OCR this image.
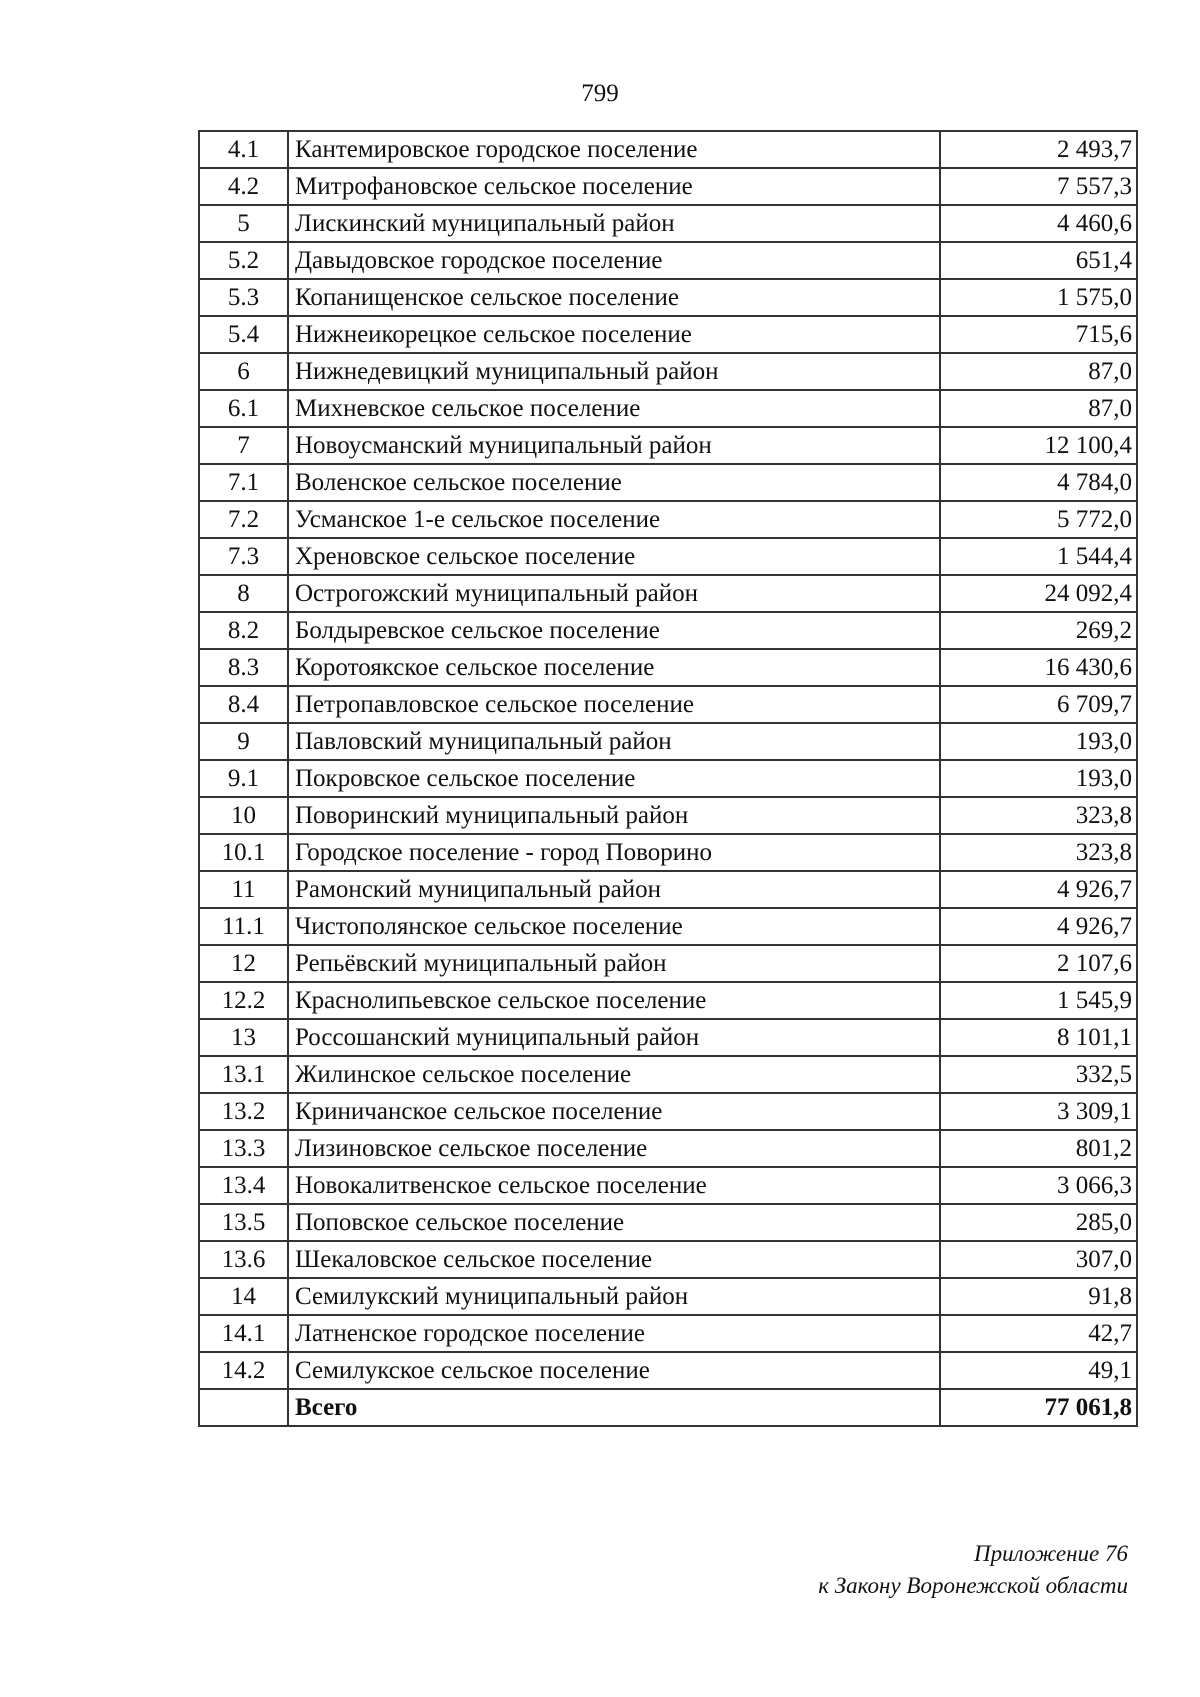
799
4.1	Кантемировское городское поселение	2 493,7
4.2	Митрофановское сельское поселение	7 557,3
5	Лискинский муниципальный район	4 460,6
5.2	Давыдовское городское поселение	651,4
5.3	Копанищенское сельское поселение	1 575,0
5.4	Нижнеикорецкое сельское поселение	715,6
6	Нижнедевицкий муниципальный район	87,0
6.1	Михневское сельское поселение	87,0
7	Новоусманский муниципальный район	12 100,4
7.1	Воленское сельское поселение	4 784,0
7.2	Усманское 1-е сельское поселение	5 772,0
7.3	Хреновское сельское поселение	1 544,4
8	Острогожский муниципальный район	24 092,4
8.2	Болдыревское сельское поселение	269,2
8.3	Коротоякское сельское поселение	16 430,6
8.4	Петропавловское сельское поселение	6 709,7
9	Павловский муниципальный район	193,0
9.1	Покровское сельское поселение	193,0
10	Поворинский муниципальный район	323,8
10.1	Городское поселение - город Поворино	323,8
11	Рамонский муниципальный район	4 926,7
11.1	Чистополянское сельское поселение	4 926,7
12	Репьёвский муниципальный район	2 107,6
12.2	Краснолипьевское сельское поселение	1 545,9
13	Россошанский муниципальный район	8 101,1
13.1	Жилинское сельское поселение	332,5
13.2	Криничанское сельское поселение	3 309,1
13.3	Лизиновское сельское поселение	801,2
13.4	Новокалитвенское сельское поселение	3 066,3
13.5	Поповское сельское поселение	285,0
13.6	Шекаловское сельское поселение	307,0
14	Семилукский муниципальный район	91,8
14.1	Латненское городское поселение	42,7
14.2	Семилукское сельское поселение	49,1
	Всего	77 061,8
Приложение 76
к Закону Воронежской области
